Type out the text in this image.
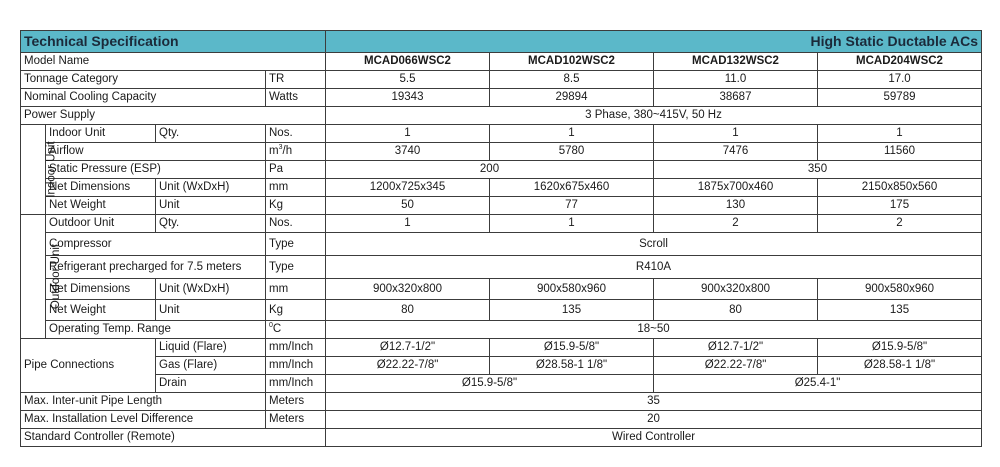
Technical Specification				High Static Ductable ACs			
Model Name				MCAD066WSC2	MCAD102WSC2	MCAD132WSC2	MCAD204WSC2
Tonnage Category			TR	5.5	8.5	11.0	17.0
Nominal Cooling Capacity			Watts	19343	29894	38687	59789
Power Supply				3 Phase, 380~415V, 50 Hz			
Indoor Unit	Indoor Unit	Qty.	Nos.	1	1	1	1
	Airflow		$m^3/h$	3740	5780	7476	11560
	Static Pressure (ESP)		Pa	200		350	
	Net Dimensions	Unit (WxDxH)	mm	1200x725x345	1620x675x460	1875x700x460	2150x850x560
	Net Weight	Unit	Kg	50	77	130	175
Outdoor Unit	Outdoor Unit	Qty.	Nos.	1	1	2	2
	Compressor		Type	Scroll			
	Refrigerant precharged for 7.5 meters		Type	R410A			
	Net Dimensions	Unit (WxDxH)	mm	900x320x800	900x580x960	900x320x800	900x580x960
	Net Weight	Unit	Kg	80	135	80	135
	Operating Temp. Range		$^0$C	18~50			
Pipe Connections		Liquid (Flare)	mm/Inch	Ø12.7-1/2"	Ø15.9-5/8"	Ø12.7-1/2"	Ø15.9-5/8"
		Gas (Flare)	mm/Inch	Ø22.22-7/8"	Ø28.58-1 1/8"	Ø22.22-7/8"	Ø28.58-1 1/8"
		Drain	mm/Inch	Ø15.9-5/8"		Ø25.4-1"	
Max. Inter-unit Pipe Length			Meters	35			
Max. Installation Level Difference			Meters	20			
Standard Controller (Remote)				Wired Controller			
